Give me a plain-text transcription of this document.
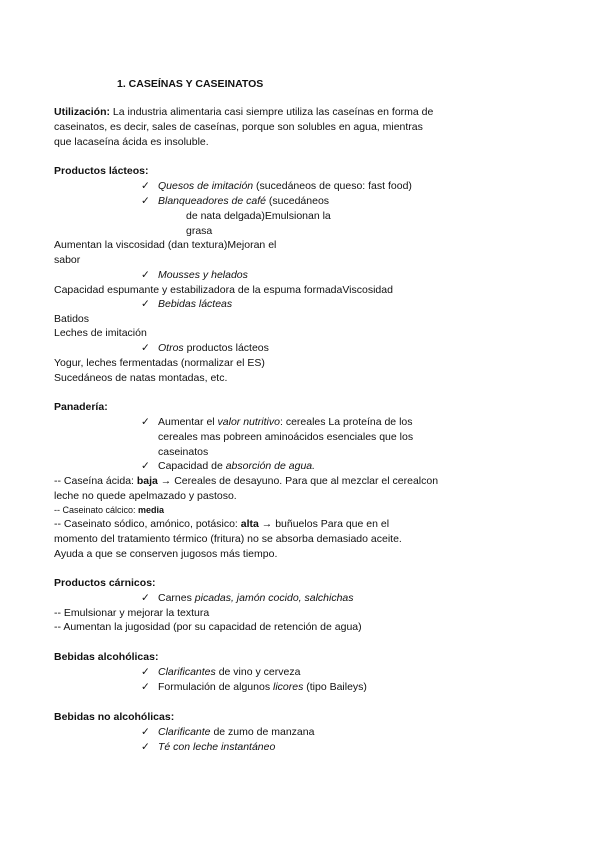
1. CASEÍNAS Y CASEINATOS
Utilización: La industria alimentaria casi siempre utiliza las caseínas en forma de
caseinatos, es decir, sales de caseínas, porque son solubles en agua, mientras
que lacaseína ácida es insoluble.
Productos lácteos:
✓ Quesos de imitación (sucedáneos de queso: fast food)
✓ Blanqueadores de café (sucedáneos
de nata delgada)Emulsionan la
grasa
Aumentan la viscosidad (dan textura)Mejoran el
sabor
✓ Mousses y helados
Capacidad espumante y estabilizadora de la espuma formadaViscosidad
✓ Bebidas lácteas
Batidos
Leches de imitación
✓ Otros productos lácteos
Yogur, leches fermentadas (normalizar el ES)
Sucedáneos de natas montadas, etc.
Panadería:
✓ Aumentar el valor nutritivo: cereales La proteína de los
cereales mas pobreen aminoácidos esenciales que los
caseinatos
✓ Capacidad de absorción de agua.
-- Caseína ácida: baja → Cereales de desayuno. Para que al mezclar el cerealcon
leche no quede apelmazado y pastoso.
-- Caseinato cálcico: media
-- Caseinato sódico, amónico, potásico: alta → buñuelos Para que en el
momento del tratamiento térmico (fritura) no se absorba demasiado aceite.
Ayuda a que se conserven jugosos más tiempo.
Productos cárnicos:
✓ Carnes picadas, jamón cocido, salchichas
-- Emulsionar y mejorar la textura
-- Aumentan la jugosidad (por su capacidad de retención de agua)
Bebidas alcohólicas:
✓ Clarificantes de vino y cerveza
✓ Formulación de algunos licores (tipo Baileys)
Bebidas no alcohólicas:
✓ Clarificante de zumo de manzana
✓ Té con leche instantáneo
